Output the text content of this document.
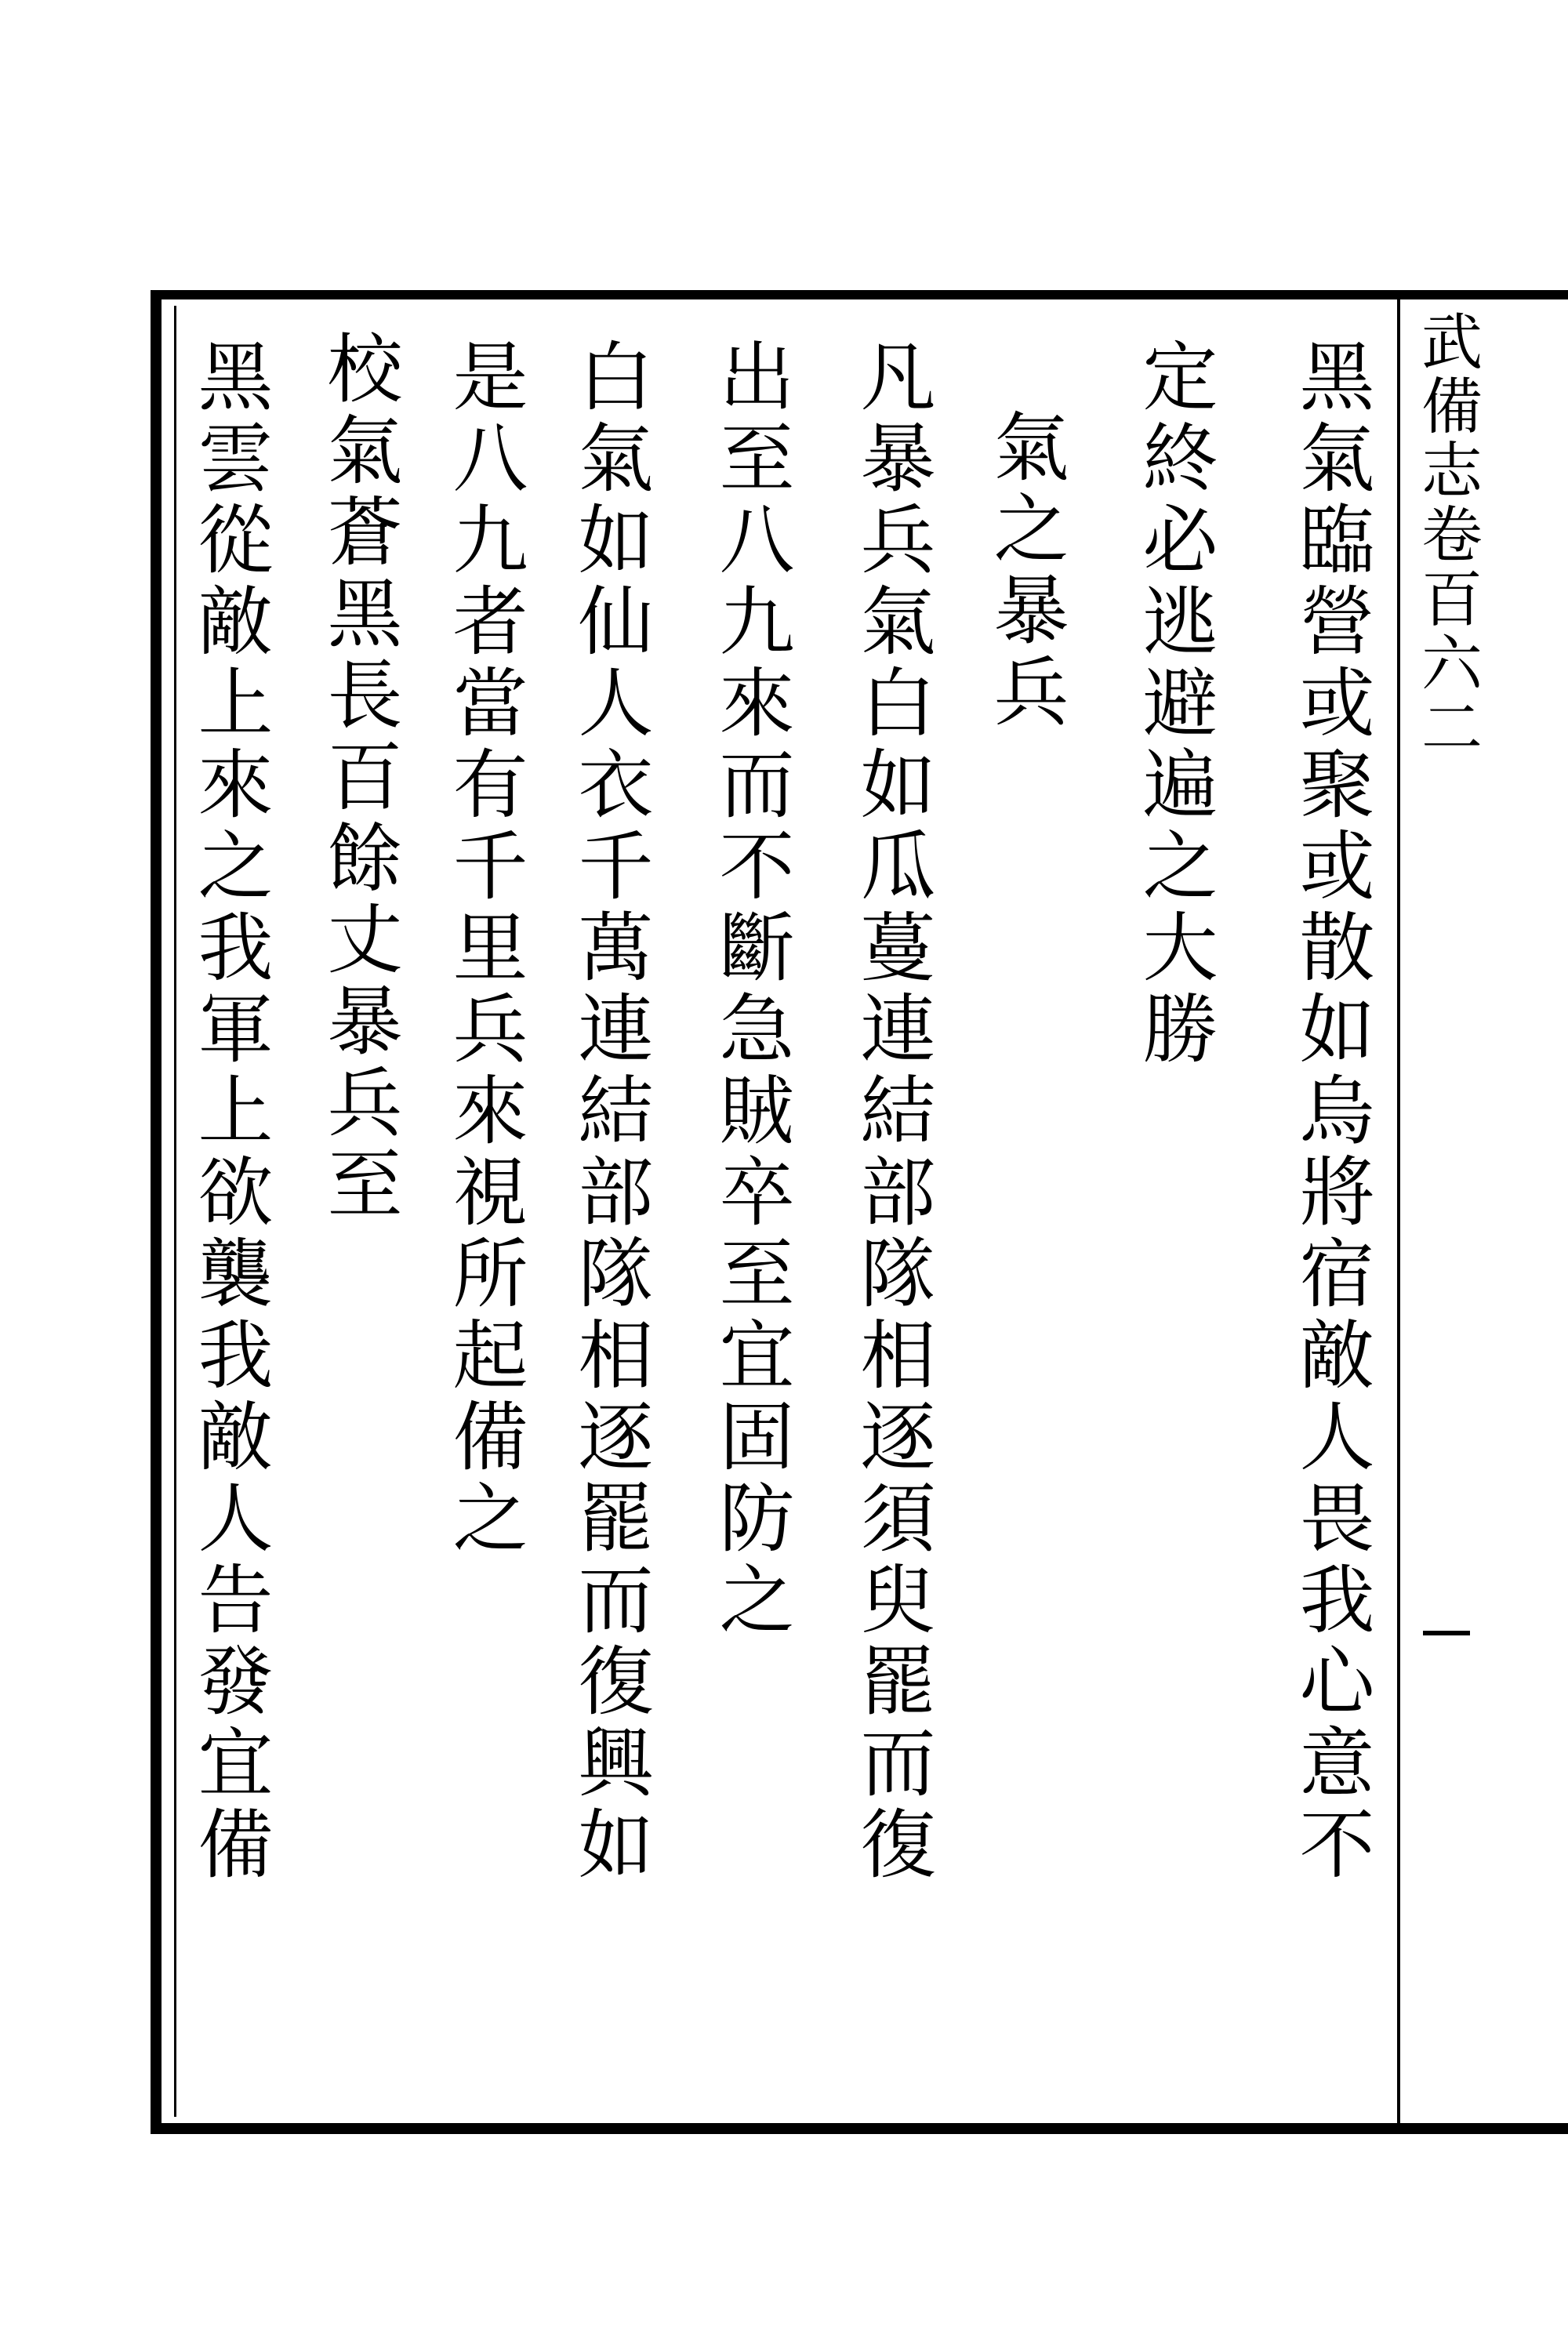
武備志卷百六二
黑氣臨營或聚或散如烏將宿敵人畏我心意不
定終必逃避遍之大勝
氣之暴兵
凡暴兵氣白如瓜蔓連結部隊相逐須臾罷而復
出至八九來而不斷急賊卒至宜固防之
白氣如仙人衣千萬連結部隊相逐罷而復興如
是八九者當有千里兵來視所起備之
校氣蒼黑長百餘丈暴兵至
黑雲從敵上來之我軍上欲襲我敵人告發宜備
